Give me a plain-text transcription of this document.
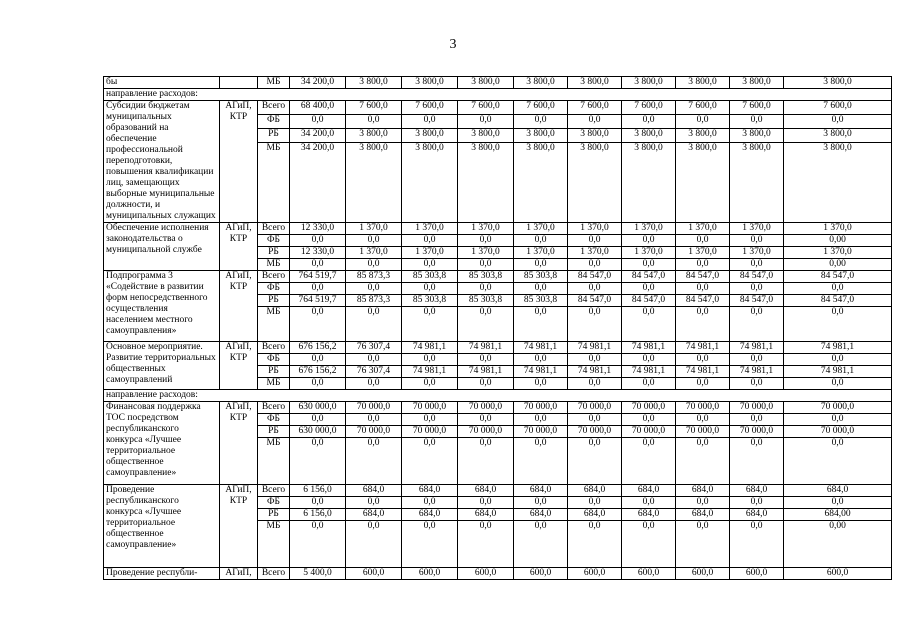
3
бы		МБ	34 200,0	3 800,0	3 800,0	3 800,0	3 800,0	3 800,0	3 800,0	3 800,0	3 800,0	3 800,0
направление расходов:												
Субсидии бюджетам муниципальных образований на обеспечение профессиональной переподготовки, повышения квалификации лиц, замещающих выборные муниципальные должности, и муниципальных служащих	АГиП, КТР	Всего	68 400,0	7 600,0	7 600,0	7 600,0	7 600,0	7 600,0	7 600,0	7 600,0	7 600,0	7 600,0
		ФБ	0,0	0,0	0,0	0,0	0,0	0,0	0,0	0,0	0,0	0,0
		РБ	34 200,0	3 800,0	3 800,0	3 800,0	3 800,0	3 800,0	3 800,0	3 800,0	3 800,0	3 800,0
		МБ	34 200,0	3 800,0	3 800,0	3 800,0	3 800,0	3 800,0	3 800,0	3 800,0	3 800,0	3 800,0
Обеспечение исполнения законодательства о муниципальной службе	АГиП, КТР	Всего	12 330,0	1 370,0	1 370,0	1 370,0	1 370,0	1 370,0	1 370,0	1 370,0	1 370,0	1 370,0
		ФБ	0,0	0,0	0,0	0,0	0,0	0,0	0,0	0,0	0,0	0,00
		РБ	12 330,0	1 370,0	1 370,0	1 370,0	1 370,0	1 370,0	1 370,0	1 370,0	1 370,0	1 370,0
		МБ	0,0	0,0	0,0	0,0	0,0	0,0	0,0	0,0	0,0	0,00
Подпрограмма 3 «Содействие в развитии форм непосредственного осуществления населением местного самоуправления»	АГиП, КТР	Всего	764 519,7	85 873,3	85 303,8	85 303,8	85 303,8	84 547,0	84 547,0	84 547,0	84 547,0	84 547,0
		ФБ	0,0	0,0	0,0	0,0	0,0	0,0	0,0	0,0	0,0	0,0
		РБ	764 519,7	85 873,3	85 303,8	85 303,8	85 303,8	84 547,0	84 547,0	84 547,0	84 547,0	84 547,0
		МБ	0,0	0,0	0,0	0,0	0,0	0,0	0,0	0,0	0,0	0,0
Основное мероприятие. Развитие территориальных общественных самоуправлений	АГиП, КТР	Всего	676 156,2	76 307,4	74 981,1	74 981,1	74 981,1	74 981,1	74 981,1	74 981,1	74 981,1	74 981,1
		ФБ	0,0	0,0	0,0	0,0	0,0	0,0	0,0	0,0	0,0	0,0
		РБ	676 156,2	76 307,4	74 981,1	74 981,1	74 981,1	74 981,1	74 981,1	74 981,1	74 981,1	74 981,1
		МБ	0,0	0,0	0,0	0,0	0,0	0,0	0,0	0,0	0,0	0,0
направление расходов:												
Финансовая поддержка ТОС посредством республиканского конкурса «Лучшее территориальное общественное самоуправление»	АГиП, КТР	Всего	630 000,0	70 000,0	70 000,0	70 000,0	70 000,0	70 000,0	70 000,0	70 000,0	70 000,0	70 000,0
		ФБ	0,0	0,0	0,0	0,0	0,0	0,0	0,0	0,0	0,0	0,0
		РБ	630 000,0	70 000,0	70 000,0	70 000,0	70 000,0	70 000,0	70 000,0	70 000,0	70 000,0	70 000,0
		МБ	0,0	0,0	0,0	0,0	0,0	0,0	0,0	0,0	0,0	0,0
Проведение республиканского конкурса «Лучшее территориальное общественное самоуправление»	АГиП, КТР	Всего	6 156,0	684,0	684,0	684,0	684,0	684,0	684,0	684,0	684,0	684,0
		ФБ	0,0	0,0	0,0	0,0	0,0	0,0	0,0	0,0	0,0	0,0
		РБ	6 156,0	684,0	684,0	684,0	684,0	684,0	684,0	684,0	684,0	684,00
		МБ	0,0	0,0	0,0	0,0	0,0	0,0	0,0	0,0	0,0	0,00
Проведение республи-	АГиП,	Всего	5 400,0	600,0	600,0	600,0	600,0	600,0	600,0	600,0	600,0	600,0
